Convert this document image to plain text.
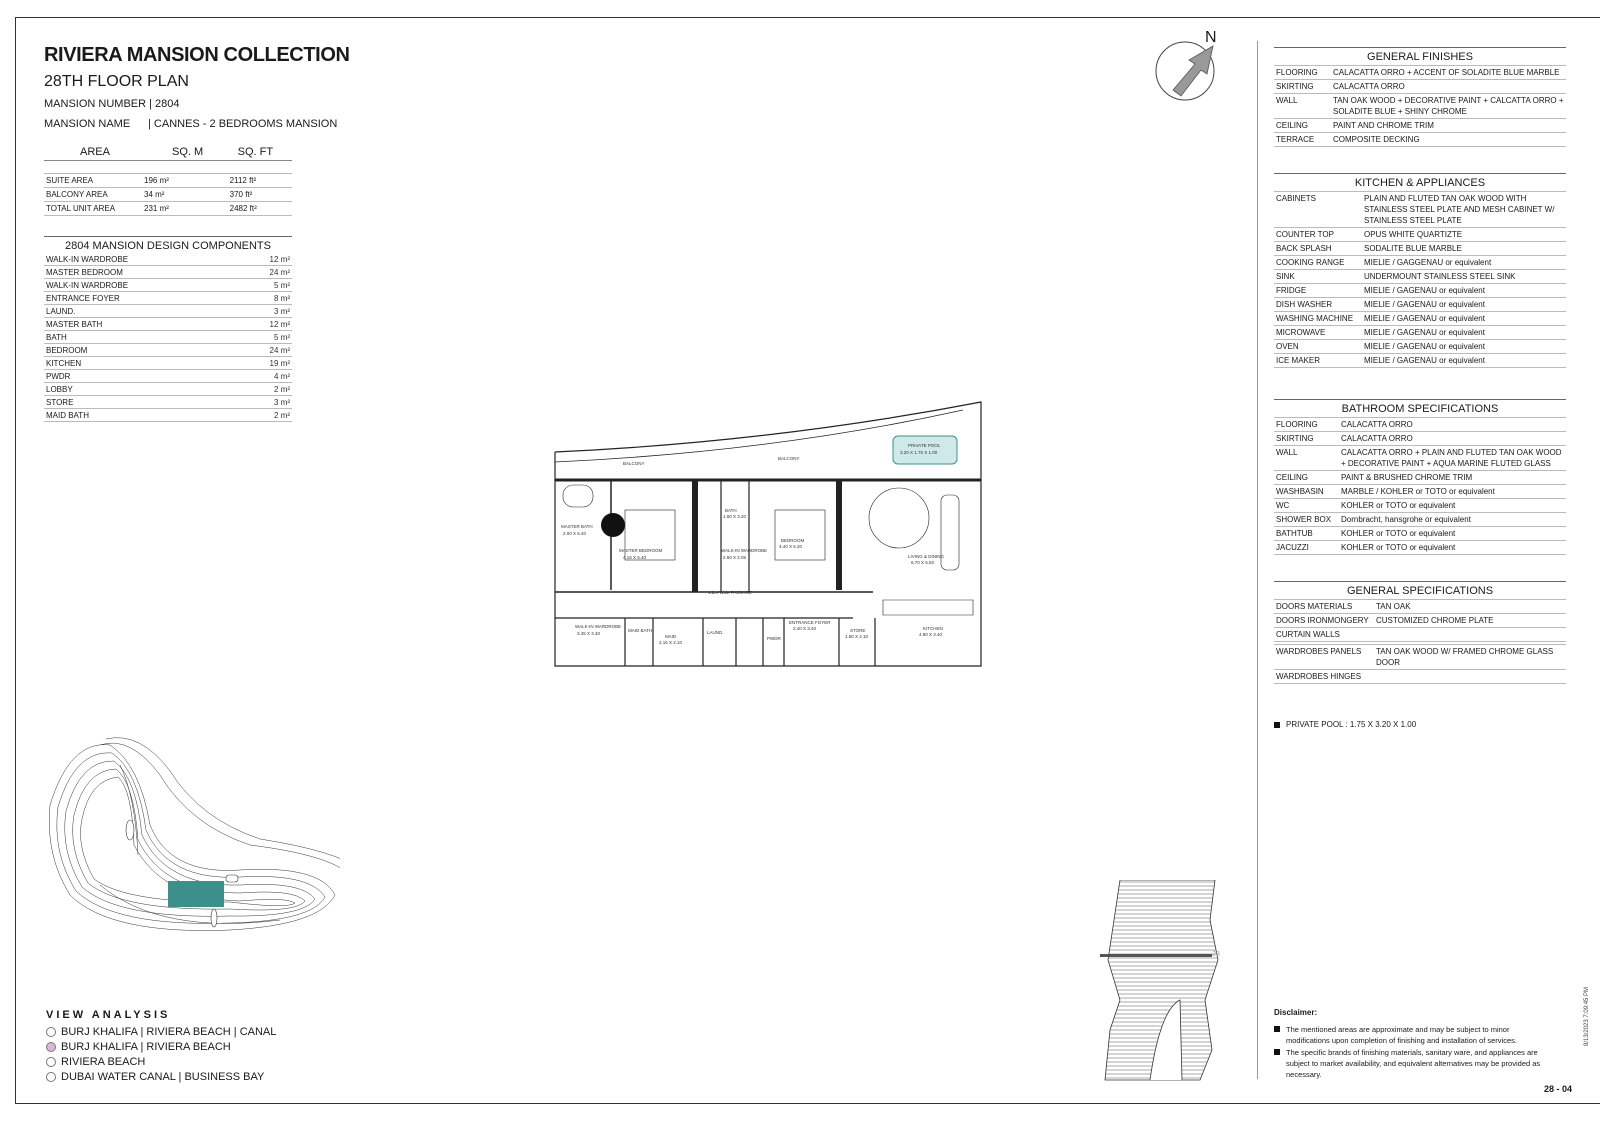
RIVIERA MANSION COLLECTION
28TH FLOOR PLAN
MANSION NUMBER | 2804
MANSION NAME | CANNES - 2 BEDROOMS MANSION
AREA	SQ. M	SQ. FT

SUITE AREA	196 m²	2112 ft²
BALCONY AREA	34 m²	370 ft²
TOTAL UNIT AREA	231 m²	2482 ft²
2804 MANSION DESIGN COMPONENTS
WALK-IN WARDROBE	12 m²
MASTER BEDROOM	24 m²
WALK-IN WARDROBE	5 m²
ENTRANCE FOYER	8 m²
LAUND.	3 m²
MASTER BATH	12 m²
BATH	5 m²
BEDROOM	24 m²
KITCHEN	19 m²
PWDR	4 m²
LOBBY	2 m²
STORE	3 m²
MAID BATH	2 m²
N
GENERAL FINISHES
FLOORING	CALACATTA ORRO + ACCENT OF SOLADITE BLUE MARBLE
SKIRTING	CALACATTA ORRO
WALL	TAN OAK WOOD + DECORATIVE PAINT + CALCATTA ORRO + SOLADITE BLUE + SHINY CHROME
CEILING	PAINT AND CHROME TRIM
TERRACE	COMPOSITE DECKING
KITCHEN & APPLIANCES
CABINETS	PLAIN AND FLUTED TAN OAK WOOD WITH STAINLESS STEEL PLATE AND MESH CABINET W/ STAINLESS STEEL PLATE
COUNTER TOP	OPUS WHITE QUARTIZTE
BACK SPLASH	SODALITE BLUE MARBLE
COOKING RANGE	MIELIE / GAGGENAU or equivalent
SINK	UNDERMOUNT STAINLESS STEEL SINK
FRIDGE	MIELIE / GAGENAU or equivalent
DISH WASHER	MIELIE / GAGENAU or equivalent
WASHING MACHINE	MIELIE / GAGENAU or equivalent
MICROWAVE	MIELIE / GAGENAU or equivalent
OVEN	MIELIE / GAGENAU or equivalent
ICE MAKER	MIELIE / GAGENAU or equivalent
BATHROOM SPECIFICATIONS
FLOORING	CALACATTA ORRO
SKIRTING	CALACATTA ORRO
WALL	CALACATTA ORRO + PLAIN AND FLUTED TAN OAK WOOD + DECORATIVE PAINT + AQUA MARINE FLUTED GLASS
CEILING	PAINT & BRUSHED CHROME TRIM
WASHBASIN	MARBLE / KOHLER or TOTO or equivalent
WC	KOHLER or TOTO or equivalent
SHOWER BOX	Dornbracht, hansgrohe or equivalent
BATHTUB	KOHLER or TOTO or equivalent
JACUZZI	KOHLER or TOTO or equivalent
GENERAL SPECIFICATIONS
DOORS MATERIALS	TAN OAK
DOORS IRONMONGERY CUSTOMIZED CHROME PLATE
CURTAIN WALLS
WARDROBES PANELS	TAN OAK WOOD W/ FRAMED CHROME GLASS DOOR
WARDROBES HINGES
PRIVATE POOL : 1.75 X 3.20 X 1.00
BALCONY
BALCONY
PRIVATE POOL
3.20 X 1.75 X 1.00
MASTER BATH
2.00 X 5.40
MASTER BEDROOM
4.15 X 5.40
BATH
1.60 X 3.20
WALK-IN WARDROBE
2.50 X 2.05
BEDROOM
4.40 X 5.20
LIVING & DINING
6.70 X 5.50
1.2m Wide PASSAGE
WALK-IN WARDROBE
3.45 X 3.40
MAID BATH
MAID
2.15 X 2.10
LAUND.
PWDR
ENTRANCE FOYER
2.40 X 3.40	STORE
1.60 X 2.10
KITCHEN
4.80 X 3.40
28
VIEW ANALYSIS
BURJ KHALIFA | RIVIERA BEACH | CANAL
BURJ KHALIFA | RIVIERA BEACH
RIVIERA BEACH
DUBAI WATER CANAL | BUSINESS BAY
Disclaimer:
The mentioned areas are approximate and may be subject to minor modifications upon completion of finishing and installation of services.
The specific brands of finishing materials, sanitary ware, and appliances are subject to market availability, and equivalent alternatives may be provided as necessary.
28 - 04
8/13/2023 7:09:45 PM
